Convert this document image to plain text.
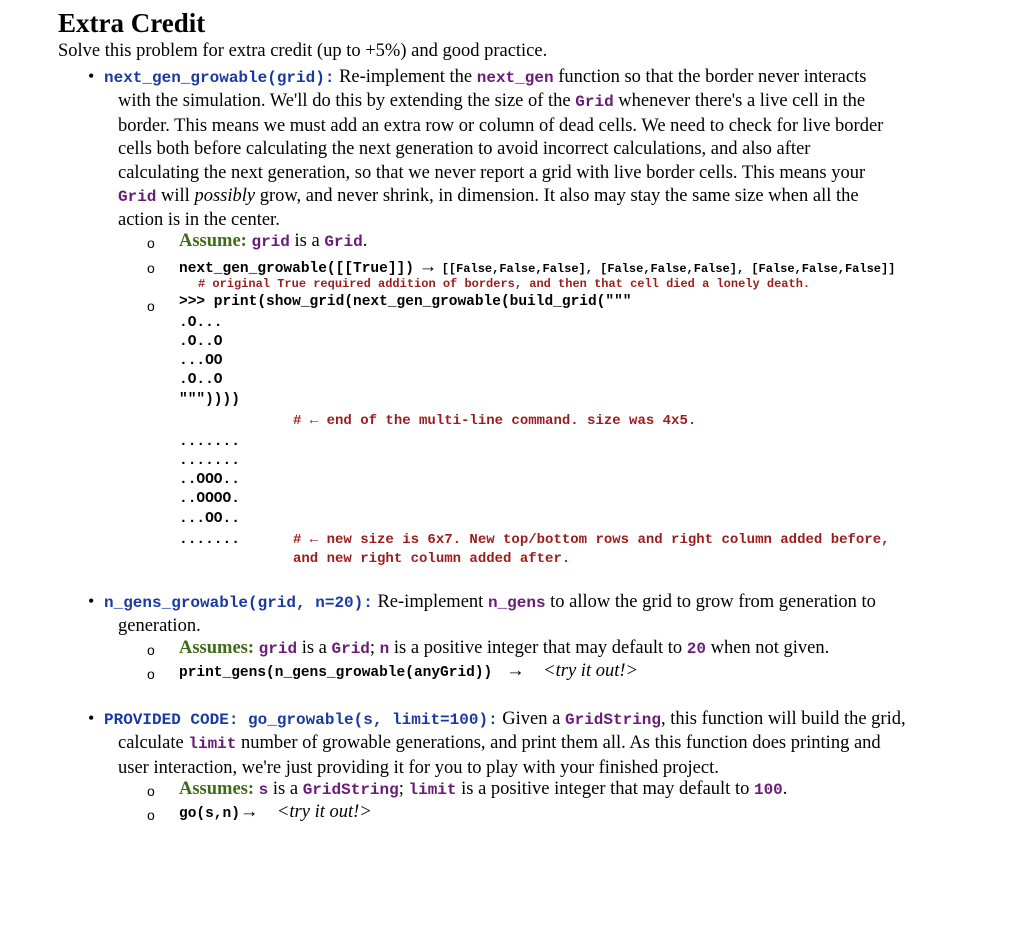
Extra Credit
Solve this problem for extra credit (up to +5%) and good practice.
• next_gen_growable(grid): Re-implement the next_gen function so that the border never interacts
with the simulation. We'll do this by extending the size of the Grid whenever there's a live cell in the
border. This means we must add an extra row or column of dead cells. We need to check for live border
cells both before calculating the next generation to avoid incorrect calculations, and also after
calculating the next generation, so that we never report a grid with live border cells. This means your
Grid will possibly grow, and never shrink, in dimension. It also may stay the same size when all the
action is in the center.
o Assume: grid is a Grid.
o next_gen_growable([[True]]) → [[False,False,False], [False,False,False], [False,False,False]]
# original True required addition of borders, and then that cell died a lonely death.
o >>> print(show_grid(next_gen_growable(build_grid("""
.O...
.O..O
...OO
.O..O
"""))))
# ← end of the multi-line command. size was 4x5.
.......
.......
..OOO..
..OOOO.
...OO..
.......	# ← new size is 6x7. New top/bottom rows and right column added before,
and new right column added after.
• n_gens_growable(grid, n=20): Re-implement n_gens to allow the grid to grow from generation to
generation.
o Assumes: grid is a Grid; n is a positive integer that may default to 20 when not given.
o print_gens(n_gens_growable(anyGrid)) → <try it out!>
• PROVIDED CODE: go_growable(s, limit=100): Given a GridString, this function will build the grid,
calculate limit number of growable generations, and print them all. As this function does printing and
user interaction, we're just providing it for you to play with your finished project.
o Assumes: s is a GridString; limit is a positive integer that may default to 100.
o go(s,n)→ <try it out!>
